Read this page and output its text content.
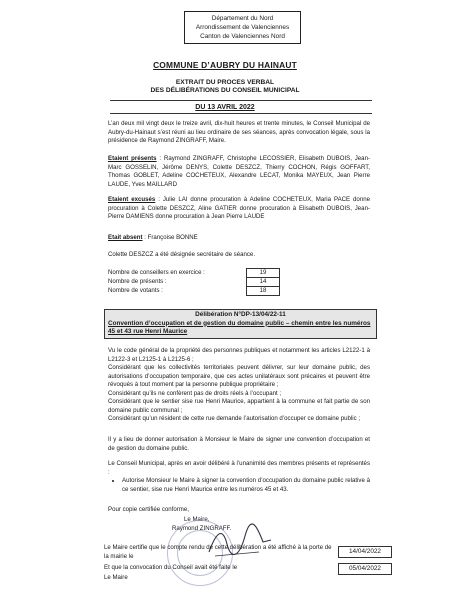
Département du Nord
Arrondissement de Valenciennes
Canton de Valenciennes Nord
COMMUNE D’AUBRY DU HAINAUT
EXTRAIT DU PROCES VERBAL
DES DÉLIBÉRATIONS DU CONSEIL MUNICIPAL
DU 13 AVRIL 2022
L’an deux mil vingt deux le treize avril, dix-huit heures et trente minutes, le Conseil Municipal de Aubry-du-Hainaut s’est réuni au lieu ordinaire de ses séances, après convocation légale, sous la présidence de Raymond ZINGRAFF, Maire.
Etaient présents : Raymond ZINGRAFF, Christophe LECOSSIER, Elisabeth DUBOIS, Jean-Marc GOSSELIN, Jérôme DENYS, Colette DESZCZ, Thierry COCHON, Régis GOFFART, Thomas GOBLET, Adeline COCHETEUX, Alexandre LECAT, Monika MAYEUX, Jean Pierre LAUDE, Yves MAILLARD
Etaient excusés : Julie LAI donne procuration à Adeline COCHETEUX, Maria PACE donne procuration à Colette DESZCZ, Aline GATIER donne procuration à Elisabeth DUBOIS, Jean-Pierre DAMIENS donne procuration à Jean Pierre LAUDE
Etait absent : Françoise BONNE
Colette DESZCZ a été désignée secrétaire de séance.
Nombre de conseillers en exercice :	19
Nombre de présents :	14
Nombre de votants :	18
Délibération N°DP-13/04/22-11
Convention d’occupation et de gestion du domaine public – chemin entre les numéros 45 et 43 rue Henri Maurice
Vu le code général de la propriété des personnes publiques et notamment les articles L2122-1 à L2122-3 et L2125-1 à L2125-6 ;
Considérant que les collectivités territoriales peuvent délivrer, sur leur domaine public, des autorisations d’occupation temporaire, que ces actes unilatéraux sont précaires et peuvent être révoqués à tout moment par la personne publique propriétaire ;
Considérant qu’ils ne confèrent pas de droits réels à l’occupant ;
Considérant que le sentier sise rue Henri Maurice, appartient à la commune et fait partie de son domaine public communal ;
Considérant qu’un résident de cette rue demande l’autorisation d’occuper ce domaine public ;
Il y a lieu de donner autorisation à Monsieur le Maire de signer une convention d’occupation et de gestion du domaine public.
Le Conseil Municipal, après en avoir délibéré à l’unanimité des membres présents et représentés :
• Autorise Monsieur le Maire à signer la convention d’occupation du domaine public relative à ce sentier, sise rue Henri Maurice entre les numéros 45 et 43.
Pour copie certifiée conforme,
Le Maire,
Raymond ZINGRAFF.
Le Maire certifie que le compte rendu de cette délibération a été affiché à la porte de la mairie le
14/04/2022
Et que la convocation du Conseil avait été faite le	05/04/2022
Le Maire
